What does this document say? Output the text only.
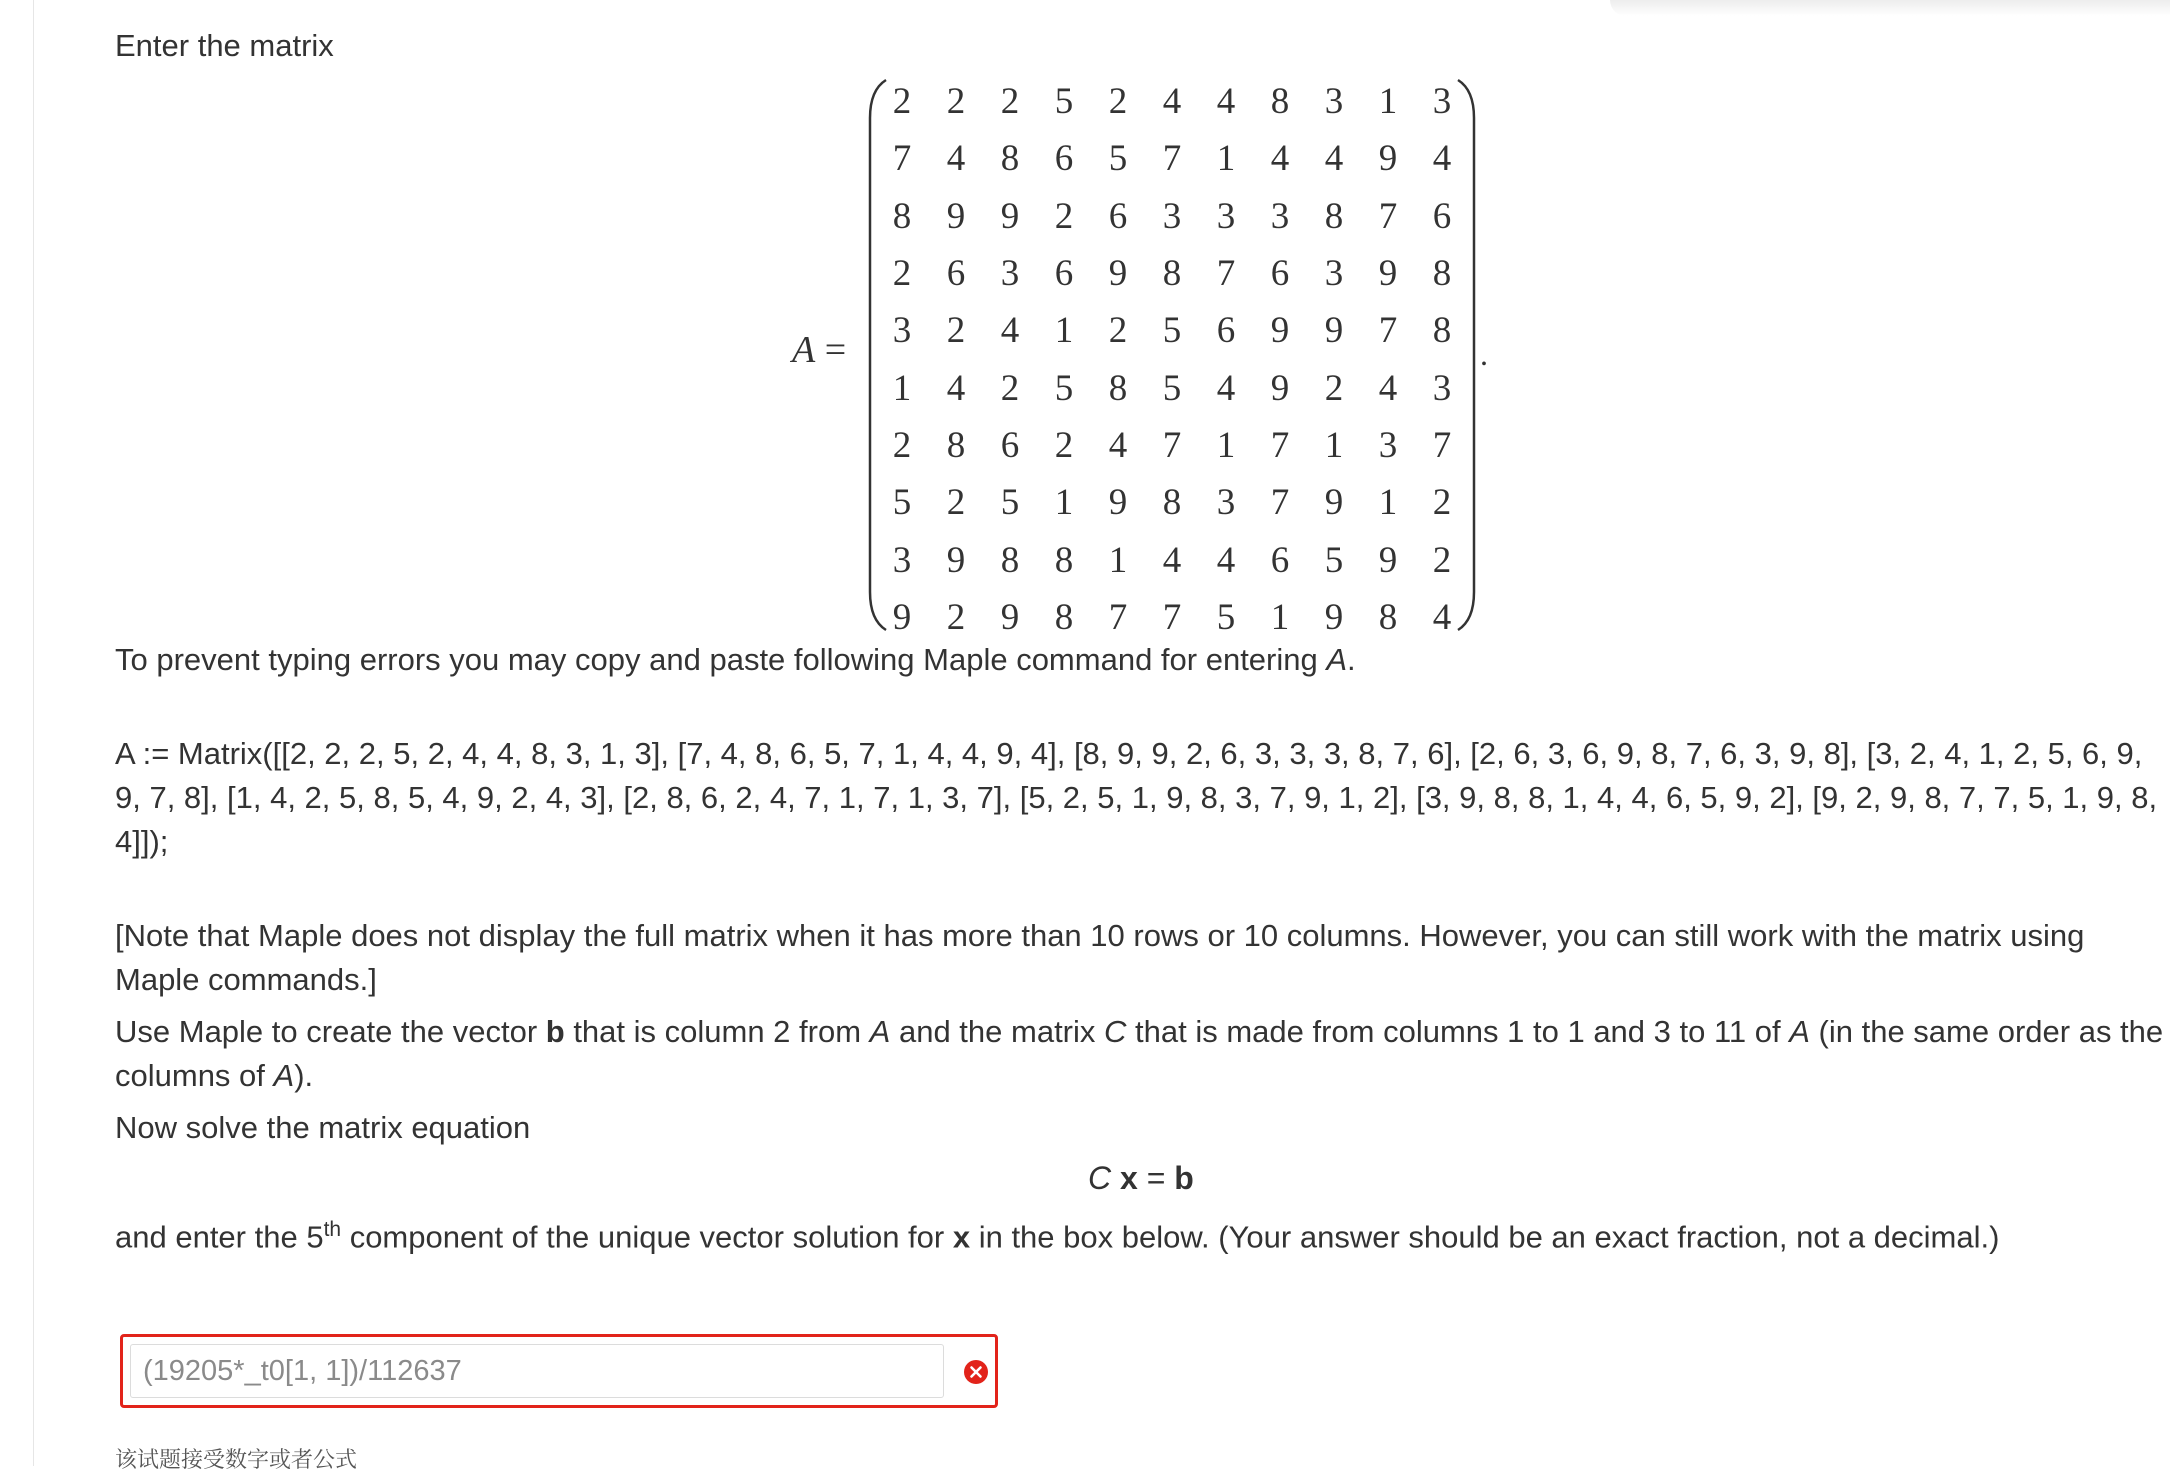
Enter the matrix
A =
2 2 2 5 2 4 4 8 3 1 3
7 4 8 6 5 7 1 4 4 9 4
8 9 9 2 6 3 3 3 8 7 6
2 6 3 6 9 8 7 6 3 9 8
3 2 4 1 2 5 6 9 9 7 8
1 4 2 5 8 5 4 9 2 4 3
2 8 6 2 4 7 1 7 1 3 7
5 2 5 1 9 8 3 7 9 1 2
3 9 8 8 1 4 4 6 5 9 2
9 2 9 8 7 7 5 1 9 8 4
.
To prevent typing errors you may copy and paste following Maple command for entering A.
A := Matrix([[2, 2, 2, 5, 2, 4, 4, 8, 3, 1, 3], [7, 4, 8, 6, 5, 7, 1, 4, 4, 9, 4], [8, 9, 9, 2, 6, 3, 3, 3, 8, 7, 6], [2, 6, 3, 6, 9, 8, 7, 6, 3, 9, 8], [3, 2, 4, 1, 2, 5, 6, 9, 9, 7, 8], [1, 4, 2, 5, 8, 5, 4, 9, 2, 4, 3], [2, 8, 6, 2, 4, 7, 1, 7, 1, 3, 7], [5, 2, 5, 1, 9, 8, 3, 7, 9, 1, 2], [3, 9, 8, 8, 1, 4, 4, 6, 5, 9, 2], [9, 2, 9, 8, 7, 7, 5, 1, 9, 8, 4]]);
[Note that Maple does not display the full matrix when it has more than 10 rows or 10 columns. However, you can still work with the matrix using Maple commands.]
Use Maple to create the vector b that is column 2 from A and the matrix C that is made from columns 1 to 1 and 3 to 11 of A (in the same order as the columns of A).
Now solve the matrix equation
C x = b
and enter the 5th component of the unique vector solution for x in the box below. (Your answer should be an exact fraction, not a decimal.)
(19205*_t0[1, 1])/112637
该试题接受数字或者公式
